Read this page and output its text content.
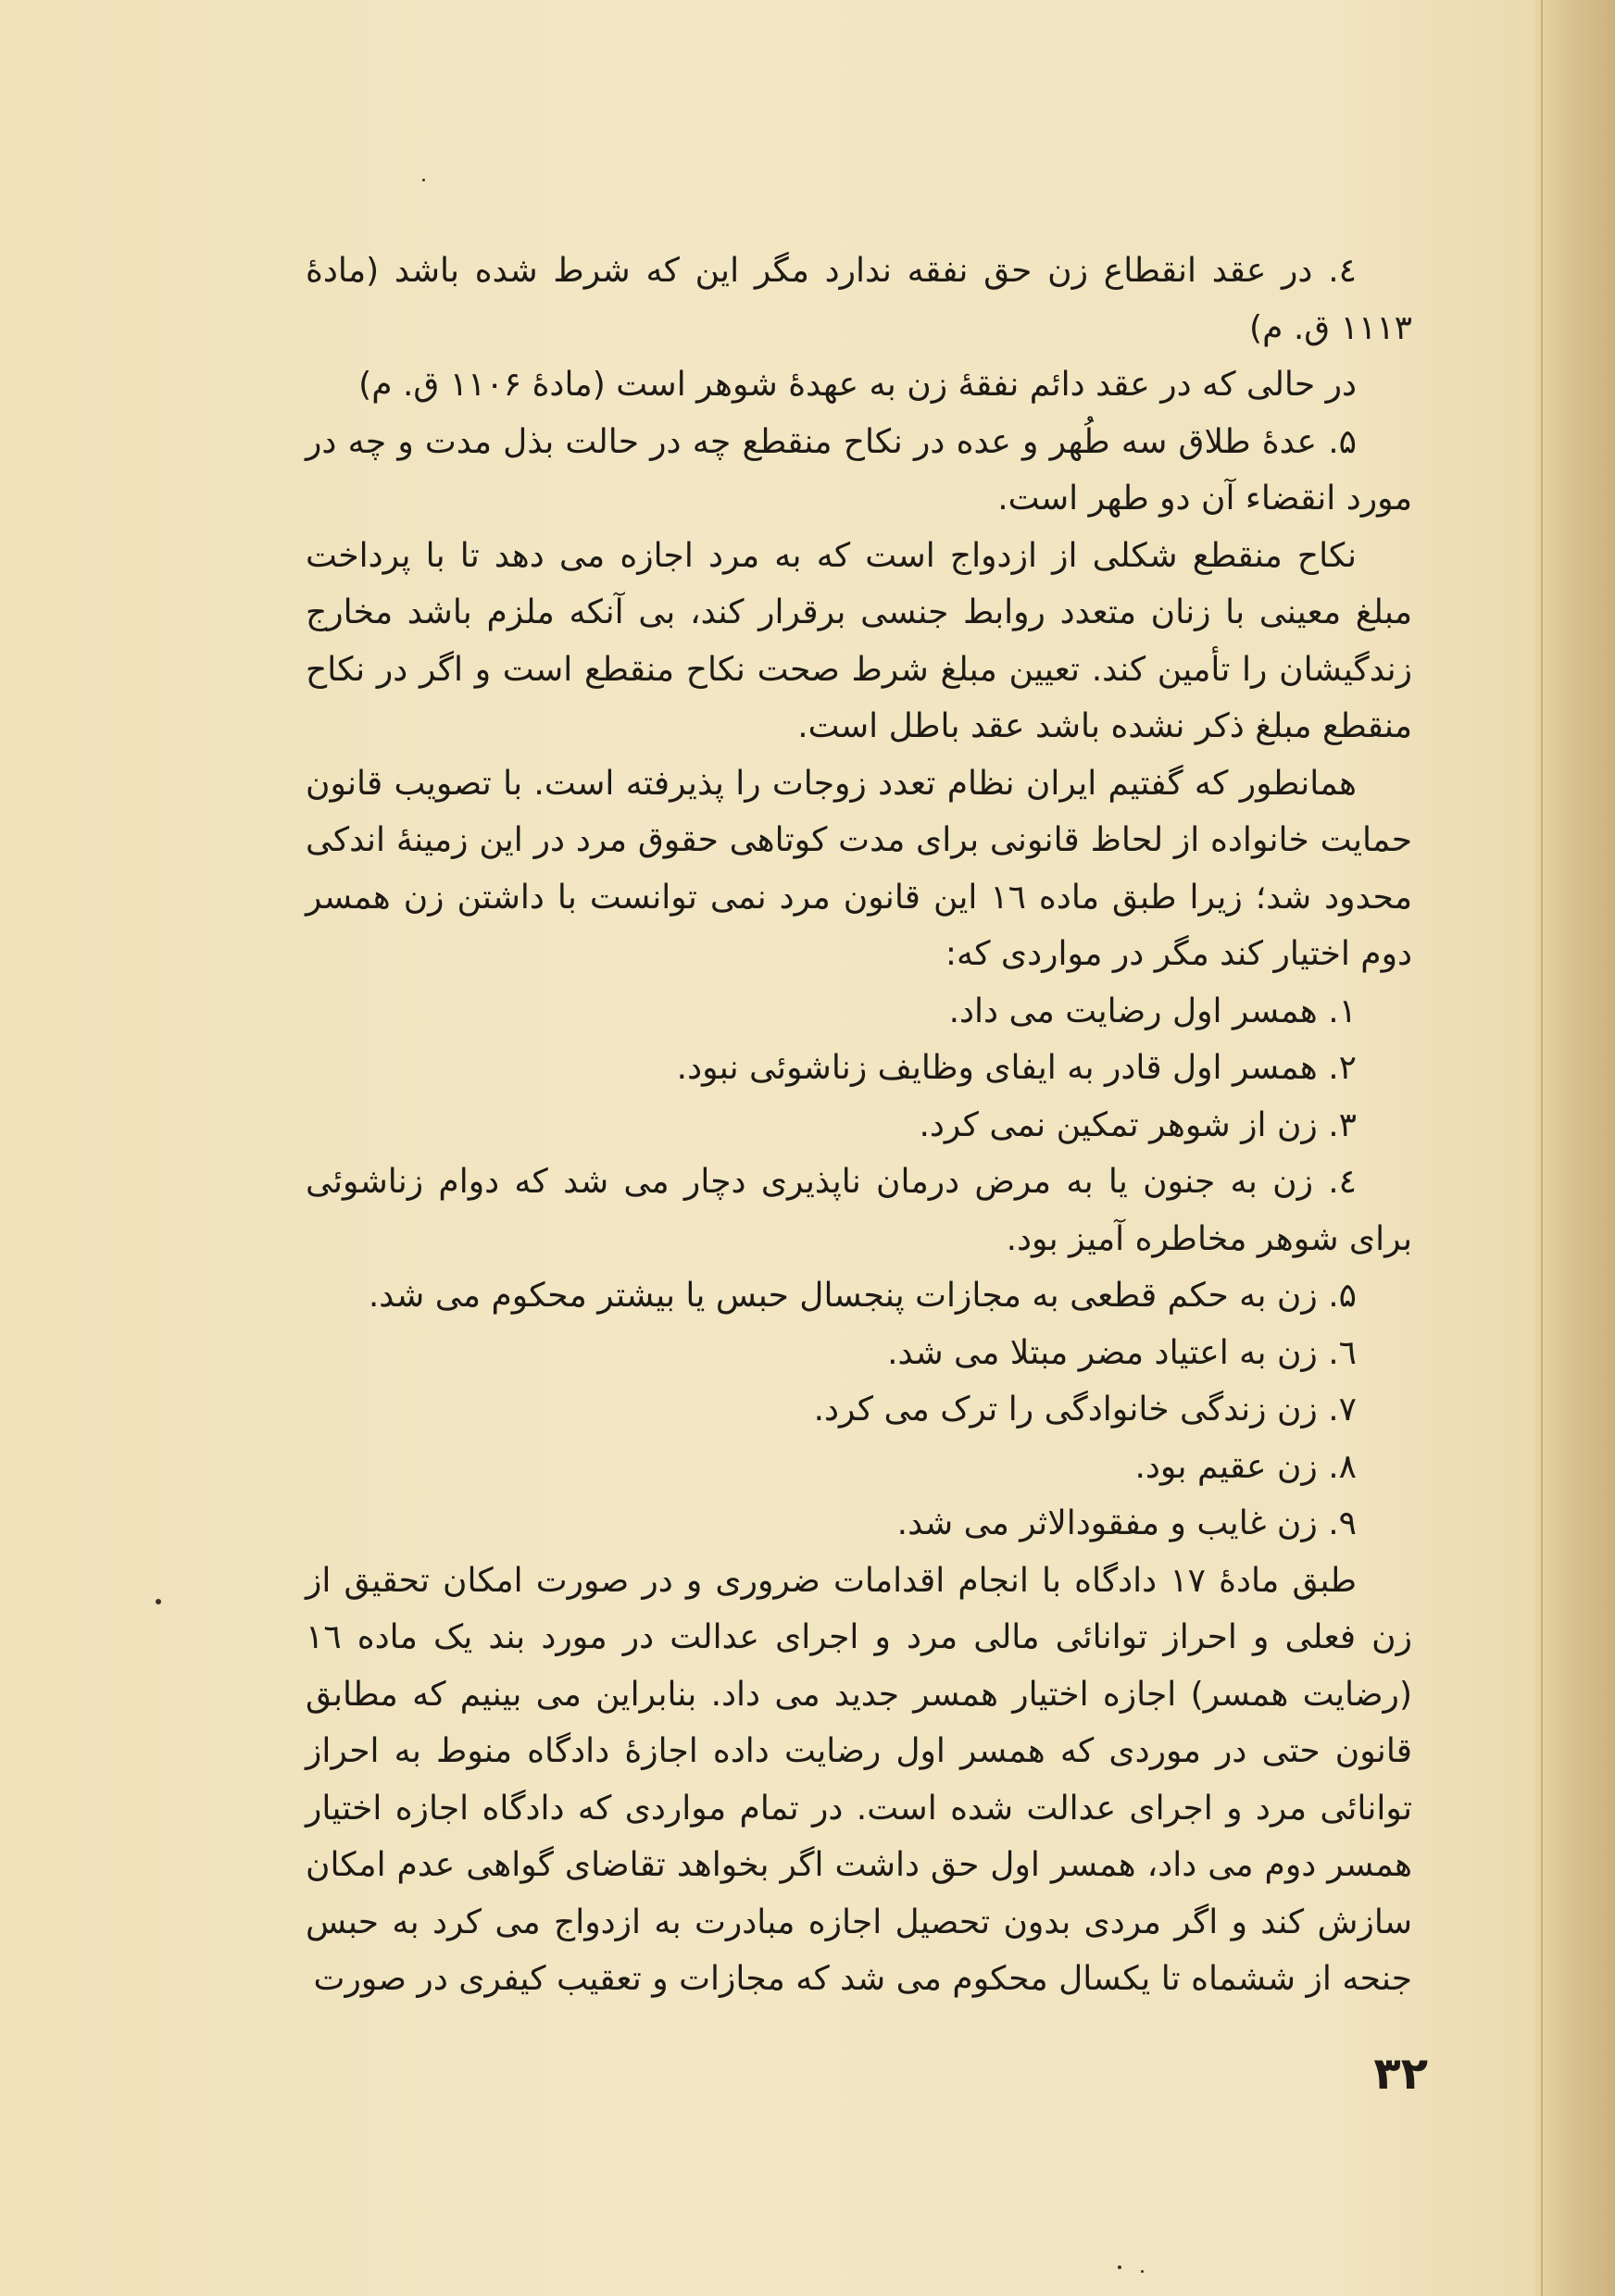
٤. در عقد انقطاع زن حق نفقه ندارد مگر این که شرط شده باشد (مادهٔ ۱۱۱۳ ق. م)

در حالی که در عقد دائم نفقهٔ زن به عهدهٔ شوهر است (مادهٔ ۱۱۰۶ ق. م)

۵. عدهٔ طلاق سه طُهر و عده در نکاح منقطع چه در حالت بذل مدت و چه در مورد انقضاء آن دو طهر است.

نکاح منقطع شکلی از ازدواج است که به مرد اجازه می دهد تا با پرداخت مبلغ معینی با زنان متعدد روابط جنسی برقرار کند، بی آنکه ملزم باشد مخارج زندگیشان را تأمین کند. تعیین مبلغ شرط صحت نکاح منقطع است و اگر در نکاح منقطع مبلغ ذکر نشده باشد عقد باطل است.

همانطور که گفتیم ایران نظام تعدد زوجات را پذیرفته است. با تصویب قانون حمایت خانواده از لحاظ قانونی برای مدت کوتاهی حقوق مرد در این زمینهٔ اندکی محدود شد؛ زیرا طبق ماده ۱٦ این قانون مرد نمی توانست با داشتن زن همسر دوم اختیار کند مگر در مواردی که:

۱. همسر اول رضایت می داد.

۲. همسر اول قادر به ایفای وظایف زناشوئی نبود.

۳. زن از شوهر تمکین نمی کرد.

٤. زن به جنون یا به مرض درمان ناپذیری دچار می شد که دوام زناشوئی برای شوهر مخاطره آمیز بود.

۵. زن به حکم قطعی به مجازات پنجسال حبس یا بیشتر محکوم می شد.

٦. زن به اعتیاد مضر مبتلا می شد.

۷. زن زندگی خانوادگی را ترک می کرد.

۸. زن عقیم بود.

۹. زن غایب و مفقودالاثر می شد.

طبق مادهٔ ۱۷ دادگاه با انجام اقدامات ضروری و در صورت امکان تحقیق از زن فعلی و احراز توانائی مالی مرد و اجرای عدالت در مورد بند یک ماده ۱٦ (رضایت همسر) اجازه اختیار همسر جدید می داد. بنابراین می بینیم که مطابق قانون حتی در موردی که همسر اول رضایت داده اجازهٔ دادگاه منوط به احراز توانائی مرد و اجرای عدالت شده است. در تمام مواردی که دادگاه اجازه اختیار همسر دوم می داد، همسر اول حق داشت اگر بخواهد تقاضای گواهی عدم امکان سازش کند و اگر مردی بدون تحصیل اجازه مبادرت به ازدواج می کرد به حبس جنحه از ششماه تا یکسال محکوم می شد که مجازات و تعقیب کیفری در صورت

۳۲
